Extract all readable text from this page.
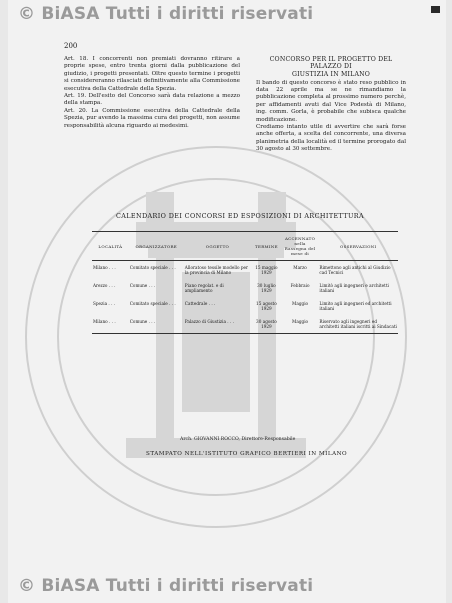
© BiASA Tutti i diritti riservati
200

Art. 18. I concorrenti non premiati dovranno ritirare a proprie spese, entro trenta giorni dalla pubblicazione del giudizio, i progetti presentati. Oltre questo termine i progetti si considereranno rilasciati definitivamente alla Commissione esecutiva della Cattedrale della Spezia.

Art. 19. Dell'esito del Concorso sarà data relazione a mezzo della stampa.

Art. 20. La Commissione esecutiva della Cattedrale della Spezia, pur avendo la massima cura dei progetti, non assume responsabilità alcuna riguardo ai medesimi.

CONCORSO PER IL PROGETTO DEL PALAZZO DI
GIUSTIZIA IN MILANO

Il bando di questo concorso è stato reso pubblico in data 22 aprile ma se ne rimandiamo la pubblicazione completa al prossimo numero perchè, per affidamenti avuti dal Vice Podestà di Milano, ing. comm. Gorla, è probabile che subisca qualche modificazione.

Crediamo intanto utile di avvertire che sarà forse anche offerta, a scelta del concorrente, una diversa planimetria della località ed il termine prorogato dal 30 agosto al 30 settembre.

CALENDARIO DEI CONCORSI ED ESPOSIZIONI DI ARCHITETTURA
LOCALITÀ	ORGANIZZATORE	OGGETTO	TERMINE	ACCENNATO nella Rassegna del mese di	OSSERVAZIONI
Milano . . .	Comitato speciale . . .	Alloratoso tessile modello per la provincia di Milano	15 maggio 1929	Marzo	Rimettono agli antichi al Giudizio cad Tecnici
Arezzo . . .	Comune . . .	Piano regolat. e di ampliamento	30 luglio 1929	Febbraio	Limitò agli ingegneri e architetti italiani
Spezia . . .	Comitato speciale . . .	Cattedrale . . .	15 agosto 1929	Maggio	Limito agli ingegneri ed architetti italiani
Milano . . .	Comune . . .	Palazzo di Giustizia . . .	30 agosto 1929	Maggio	Riservato agli ingegneri ed architetti italiani iscritti ai Sindacati
Arch. GIOVANNI ROCCO, Direttore-Responsabile
STAMPATO NELL'ISTITUTO GRAFICO BERTIERI IN MILANO
© BiASA Tutti i diritti riservati
